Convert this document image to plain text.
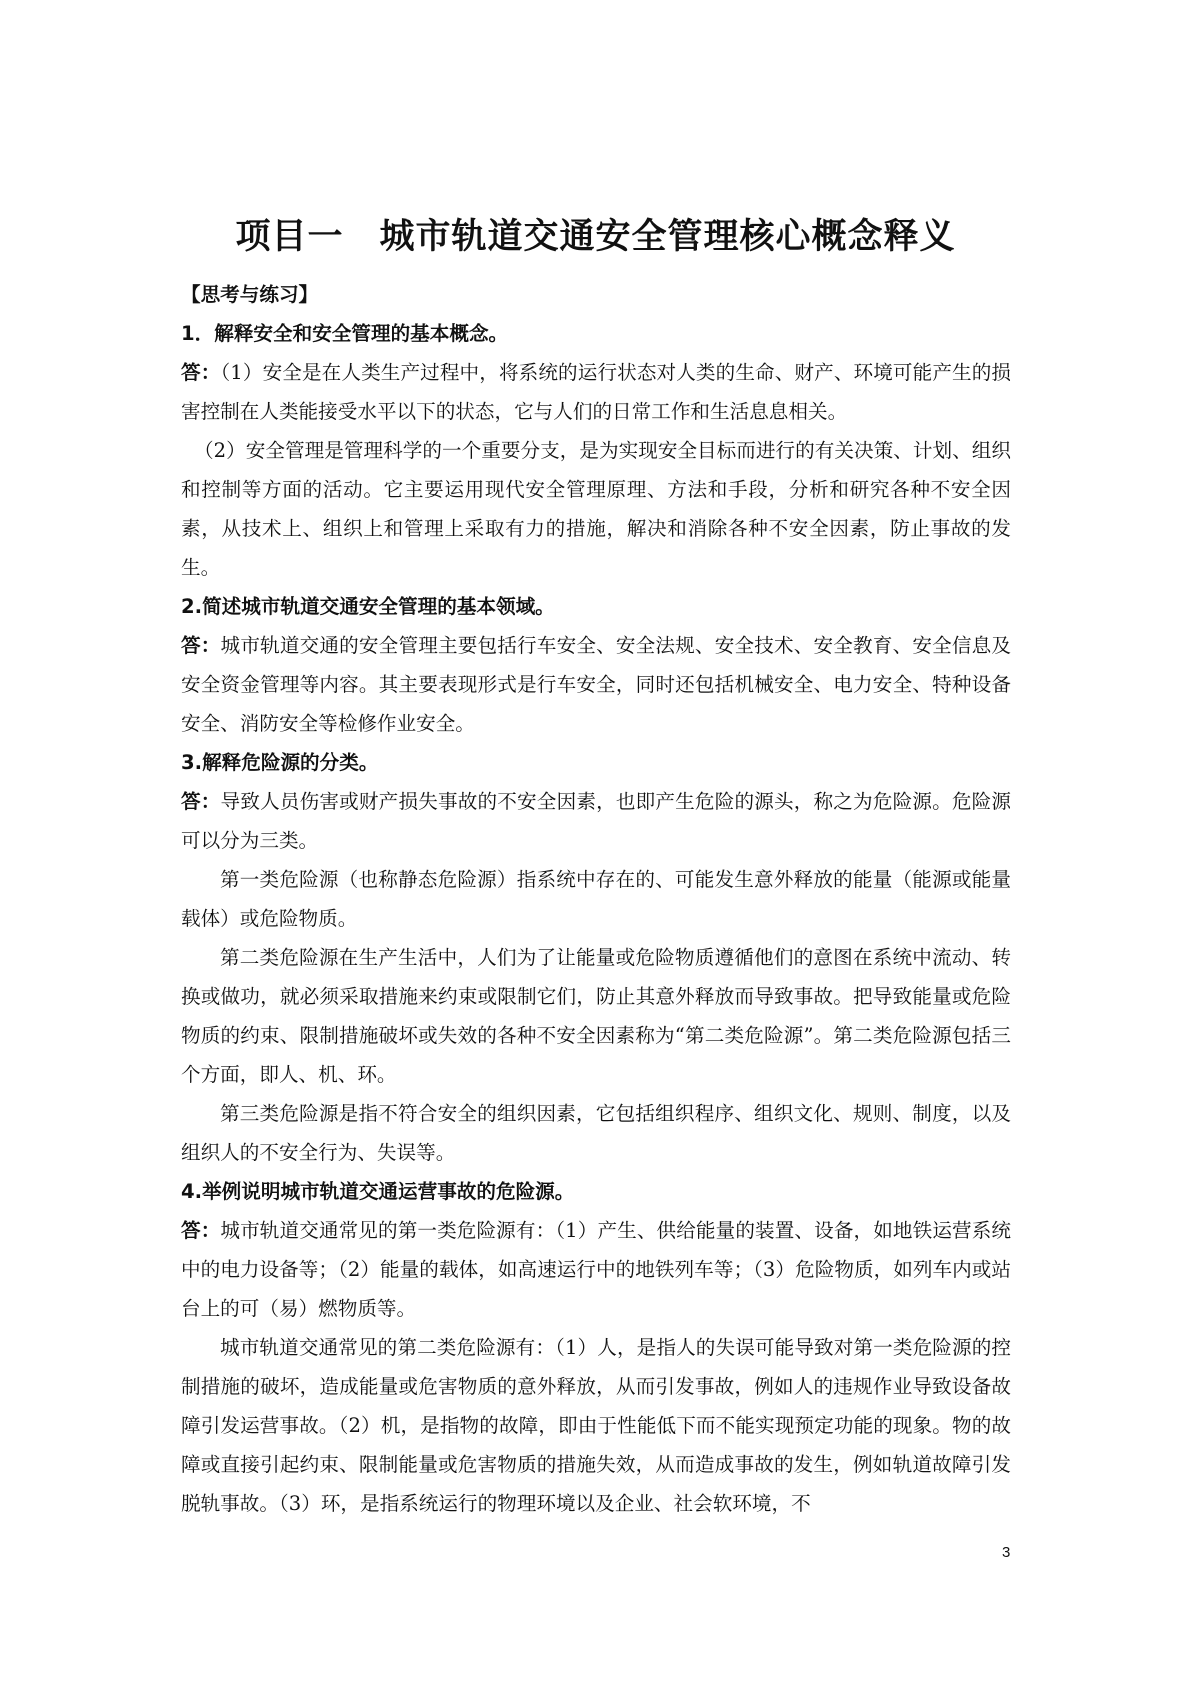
项目一　城市轨道交通安全管理核心概念释义

【思考与练习】

1．解释安全和安全管理的基本概念。

答：（1）安全是在人类生产过程中，将系统的运行状态对人类的生命、财产、环境可能产生的损害控制在人类能接受水平以下的状态，它与人们的日常工作和生活息息相关。

（2）安全管理是管理科学的一个重要分支，是为实现安全目标而进行的有关决策、计划、组织和控制等方面的活动。它主要运用现代安全管理原理、方法和手段，分析和研究各种不安全因素，从技术上、组织上和管理上采取有力的措施，解决和消除各种不安全因素，防止事故的发生。

2.简述城市轨道交通安全管理的基本领域。

答：城市轨道交通的安全管理主要包括行车安全、安全法规、安全技术、安全教育、安全信息及安全资金管理等内容。其主要表现形式是行车安全，同时还包括机械安全、电力安全、特种设备安全、消防安全等检修作业安全。

3.解释危险源的分类。

答：导致人员伤害或财产损失事故的不安全因素，也即产生危险的源头，称之为危险源。危险源可以分为三类。

第一类危险源（也称静态危险源）指系统中存在的、可能发生意外释放的能量（能源或能量载体）或危险物质。

第二类危险源在生产生活中，人们为了让能量或危险物质遵循他们的意图在系统中流动、转换或做功，就必须采取措施来约束或限制它们，防止其意外释放而导致事故。把导致能量或危险物质的约束、限制措施破坏或失效的各种不安全因素称为“第二类危险源”。第二类危险源包括三个方面，即人、机、环。

第三类危险源是指不符合安全的组织因素，它包括组织程序、组织文化、规则、制度，以及组织人的不安全行为、失误等。

4.举例说明城市轨道交通运营事故的危险源。

答：城市轨道交通常见的第一类危险源有：（1）产生、供给能量的装置、设备，如地铁运营系统中的电力设备等；（2）能量的载体，如高速运行中的地铁列车等；（3）危险物质，如列车内或站台上的可（易）燃物质等。

城市轨道交通常见的第二类危险源有：（1）人，是指人的失误可能导致对第一类危险源的控制措施的破坏，造成能量或危害物质的意外释放，从而引发事故，例如人的违规作业导致设备故障引发运营事故。（2）机，是指物的故障，即由于性能低下而不能实现预定功能的现象。物的故障或直接引起约束、限制能量或危害物质的措施失效，从而造成事故的发生，例如轨道故障引发脱轨事故。（3）环，是指系统运行的物理环境以及企业、社会软环境，不

3
